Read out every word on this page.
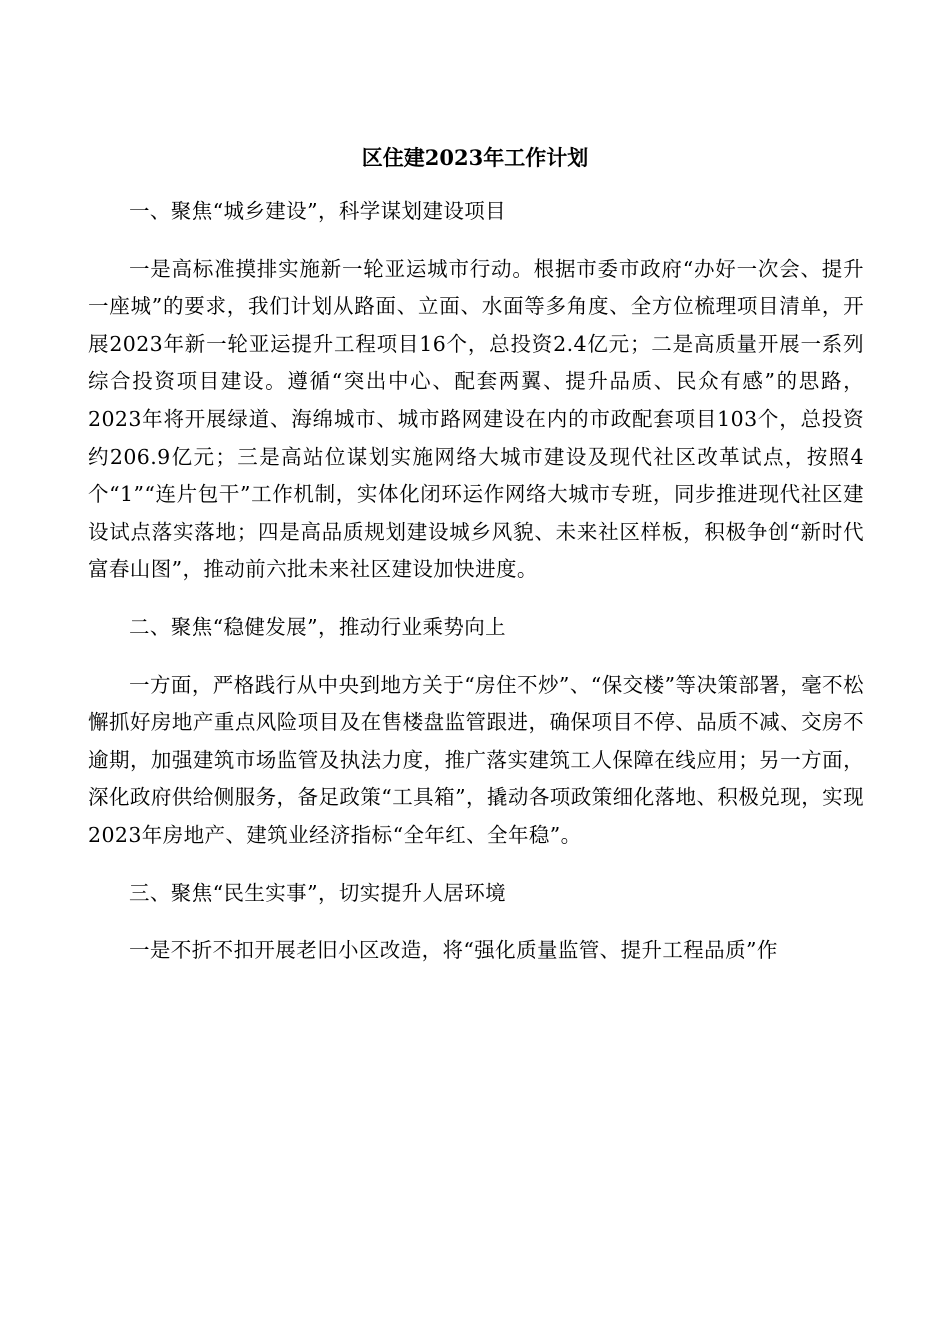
区住建2023年工作计划

一、聚焦“城乡建设”，科学谋划建设项目

一是高标准摸排实施新一轮亚运城市行动。根据市委市政府“办好一次会、提升一座城”的要求，我们计划从路面、立面、水面等多角度、全方位梳理项目清单，开展2023年新一轮亚运提升工程项目16个，总投资2.4亿元；二是高质量开展一系列综合投资项目建设。遵循“突出中心、配套两翼、提升品质、民众有感”的思路，2023年将开展绿道、海绵城市、城市路网建设在内的市政配套项目103个，总投资约206.9亿元；三是高站位谋划实施网络大城市建设及现代社区改革试点，按照4个“1”“连片包干”工作机制，实体化闭环运作网络大城市专班，同步推进现代社区建设试点落实落地；四是高品质规划建设城乡风貌、未来社区样板，积极争创“新时代富春山图”，推动前六批未来社区建设加快进度。

二、聚焦“稳健发展”，推动行业乘势向上

一方面，严格践行从中央到地方关于“房住不炒”、“保交楼”等决策部署，毫不松懈抓好房地产重点风险项目及在售楼盘监管跟进，确保项目不停、品质不减、交房不逾期，加强建筑市场监管及执法力度，推广落实建筑工人保障在线应用；另一方面，深化政府供给侧服务，备足政策“工具箱”，撬动各项政策细化落地、积极兑现，实现2023年房地产、建筑业经济指标“全年红、全年稳”。

三、聚焦“民生实事”，切实提升人居环境

一是不折不扣开展老旧小区改造，将“强化质量监管、提升工程品质”作
